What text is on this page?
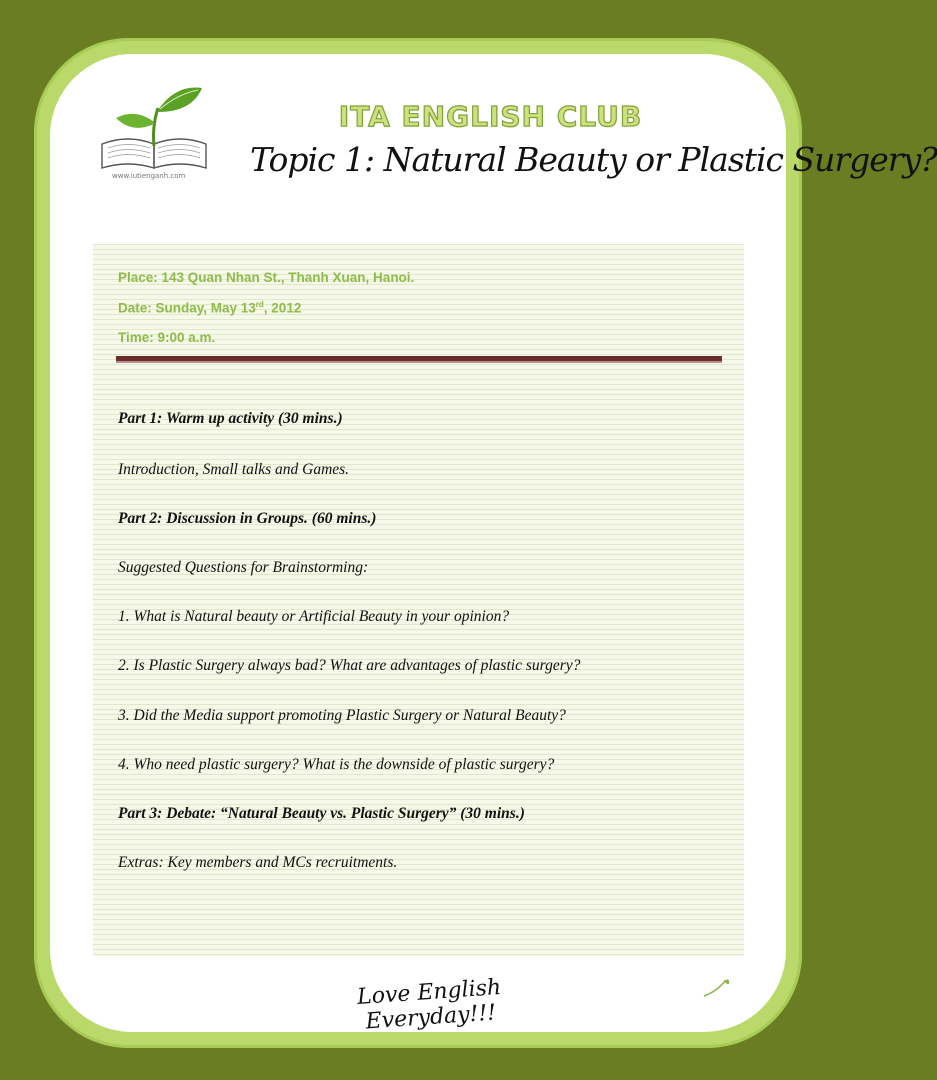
www.iutienganh.com
ITA ENGLISH CLUB
Topic 1: Natural Beauty or Plastic Surgery?
Place: 143 Quan Nhan St., Thanh Xuan, Hanoi.
Date: Sunday, May 13rd, 2012
Time: 9:00 a.m.
Part 1: Warm up activity (30 mins.)
Introduction, Small talks and Games.
Part 2: Discussion in Groups. (60 mins.)
Suggested Questions for Brainstorming:
1. What is Natural beauty or Artificial Beauty in your opinion?
2. Is Plastic Surgery always bad? What are advantages of plastic surgery?
3. Did the Media support promoting Plastic Surgery or Natural Beauty?
4. Who need plastic surgery? What is the downside of plastic surgery?
Part 3: Debate: “Natural Beauty vs. Plastic Surgery” (30 mins.)
Extras: Key members and MCs recruitments.
Love English Everyday!!!
